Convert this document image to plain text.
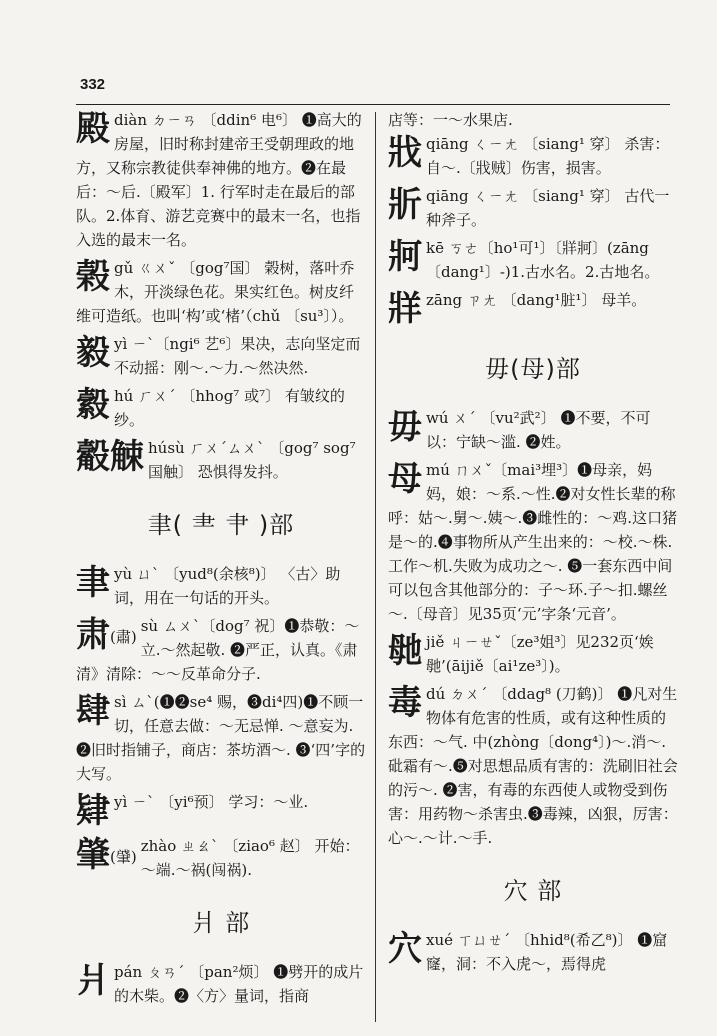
332
殿diàn ㄉㄧㄢ 〔ddin⁶ 电⁶〕 ❶高大的房屋，旧时称封建帝王受朝理政的地方，又称宗教徒供奉神佛的地方。❷在最后：～后.〔殿军〕1. 行军时走在最后的部队。2.体育、游艺竞赛中的最末一名，也指入选的最末一名。
榖gǔ ㄍㄨˇ 〔gog⁷国〕 榖树，落叶乔木，开淡绿色花。果实红色。树皮纤维可造纸。也叫‘构’或‘楮’（chǔ 〔su³〕）。
毅yì ㄧˋ〔ngi⁶ 艺⁶〕果决，志向坚定而不动摇：刚～.～力.～然决然.
縠hú ㄏㄨˊ 〔hhog⁷ 或⁷〕 有皱纹的纱。
觳觫 húsù ㄏㄨˊㄙㄨˋ 〔gog⁷ sog⁷国触〕 恐惧得发抖。
聿( ⺻ 肀 )部
聿yù ㄩˋ 〔yud⁸(余核⁸)〕 〈古〉助词，用在一句话的开头。
肃(肅)
sù ㄙㄨˋ〔dog⁷ 祝〕❶恭敬：～立.～然起敬. ❷严正，认真。《肃清》清除：～～反革命分子.
肆sì ㄙˋ(❶❷se⁴ 赐，❸di⁴四)❶不顾一切，任意去做：～无忌惮. ～意妄为. ❷旧时指铺子，商店：茶坊酒～. ❸‘四’字的大写。
肄yì ㄧˋ 〔yi⁶预〕 学习：～业.
肇(肈)
zhào ㄓㄠˋ 〔ziao⁶ 赵〕 开始：～端.～祸(闯祸).
爿 部
爿pán ㄆㄢˊ 〔pan²烦〕 ❶劈开的成片的木柴。❷〈方〉量词，指商
店等：一～水果店.
戕qiāng ㄑㄧㄤ 〔siang¹ 穿〕 杀害：自～.〔戕贼〕伤害，损害。
斨qiāng ㄑㄧㄤ 〔siang¹ 穿〕 古代一种斧子。
牁kē ㄎㄜ〔ho¹可¹〕〔牂牁〕(zāng〔dang¹〕-)1.古水名。2.古地名。
牂zāng ㄗㄤ 〔dang¹脏¹〕 母羊。
毋(母)部
毋wú ㄨˊ 〔vu²武²〕 ❶不要，不可以：宁缺～滥. ❷姓。
母mú ㄇㄨˇ〔mai³埋³〕❶母亲，妈妈，娘：～系.～性.❷对女性长辈的称呼：姑～.舅～.姨～.❸雌性的：～鸡.这口猪是～的.❹事物所从产生出来的：～校.～株. 工作～机.失败为成功之～. ❺一套东西中间可以包含其他部分的：子～环.子～扣.螺丝～.〔母音〕见35页‘元’字条‘元音’。
毑jiě ㄐㄧㄝˇ〔ze³姐³〕见232页‘娭毑’(āijiě〔ai¹ze³〕)。
毒dú ㄉㄨˊ 〔ddag⁸ (刀鹤)〕 ❶凡对生物体有危害的性质，或有这种性质的东西：～气. 中(zhòng〔dong⁴〕)～.消～.砒霜有～.❺对思想品质有害的：洗刷旧社会的污～. ❷害，有毒的东西使人或物受到伤害：用药物～杀害虫.❸毒辣，凶狠，厉害：心～.～计.～手.
穴 部
穴xué ㄒㄩㄝˊ 〔hhid⁸(希乙⁸)〕 ❶窟窿，洞：不入虎～，焉得虎
